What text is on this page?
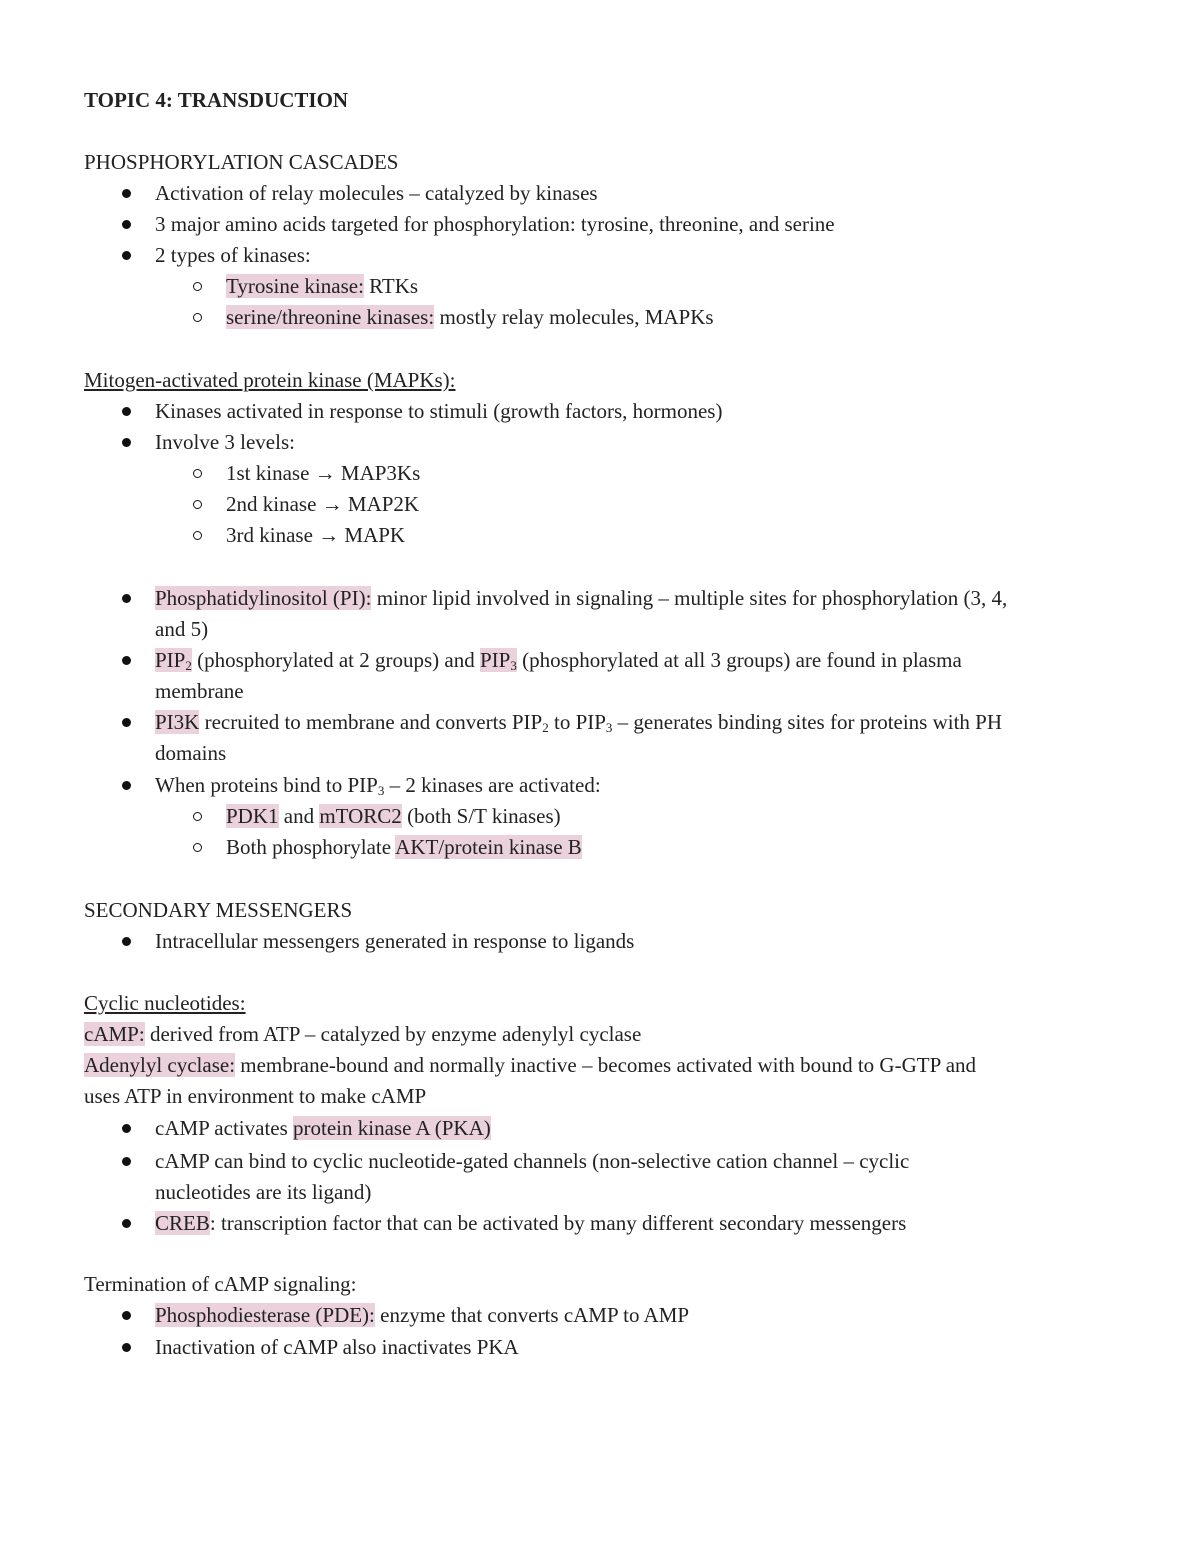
TOPIC 4: TRANSDUCTION
PHOSPHORYLATION CASCADES
Activation of relay molecules – catalyzed by kinases
3 major amino acids targeted for phosphorylation: tyrosine, threonine, and serine
2 types of kinases:
Tyrosine kinase: RTKs
serine/threonine kinases: mostly relay molecules, MAPKs
Mitogen-activated protein kinase (MAPKs):
Kinases activated in response to stimuli (growth factors, hormones)
Involve 3 levels:
1st kinase → MAP3Ks
2nd kinase → MAP2K
3rd kinase → MAPK
Phosphatidylinositol (PI): minor lipid involved in signaling – multiple sites for phosphorylation (3, 4,
and 5)
$PIP_2$ (phosphorylated at 2 groups) and $PIP_3$ (phosphorylated at all 3 groups) are found in plasma
membrane
PI3K recruited to membrane and converts $PIP_2$ to $PIP_3$ – generates binding sites for proteins with PH
domains
When proteins bind to $PIP_3 - 2$ kinases are activated:
PDK1 and mTORC2 (both S/T kinases)
Both phosphorylate AKT/protein kinase B
SECONDARY MESSENGERS
Intracellular messengers generated in response to ligands
Cyclic nucleotides:
cAMP: derived from ATP – catalyzed by enzyme adenylyl cyclase
Adenylyl cyclase: membrane-bound and normally inactive – becomes activated with bound to G-GTP and
uses ATP in environment to make cAMP
cAMP activates protein kinase A (PKA)
cAMP can bind to cyclic nucleotide-gated channels (non-selective cation channel – cyclic
nucleotides are its ligand)
CREB: transcription factor that can be activated by many different secondary messengers
Termination of cAMP signaling:
Phosphodiesterase (PDE): enzyme that converts cAMP to AMP
Inactivation of cAMP also inactivates PKA
